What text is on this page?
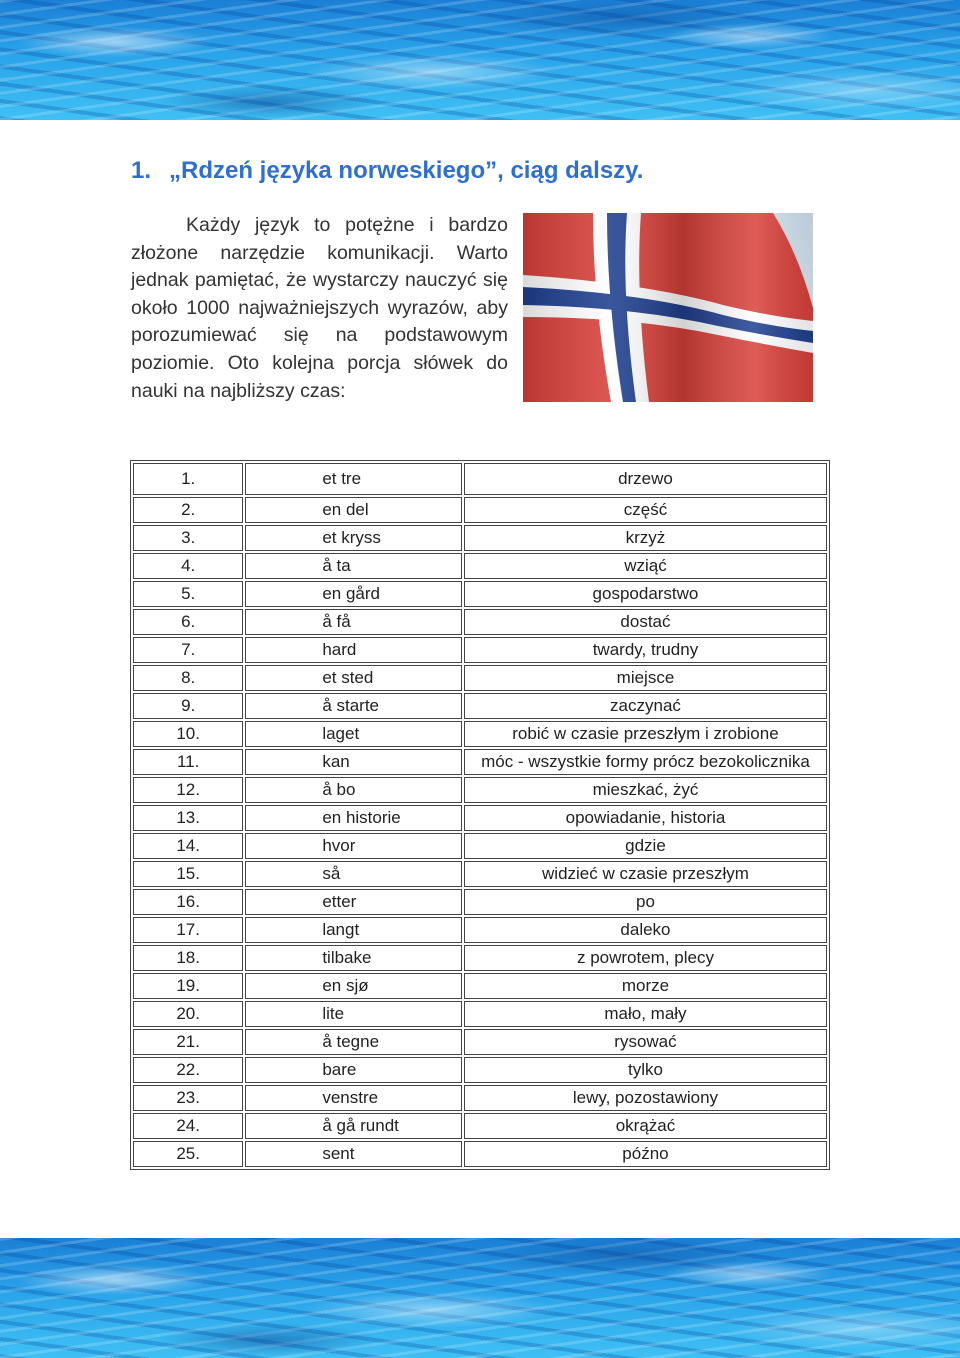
1. „Rdzeń języka norweskiego”, ciąg dalszy.

Każdy język to potężne i bardzo złożone narzędzie komunikacji. Warto jednak pamiętać, że wystarczy nauczyć się około 1000 najważniejszych wyrazów, aby porozumiewać się na podstawowym poziomie. Oto kolejna porcja słówek do nauki na najbliższy czas:

1.	et tre	drzewo
2.	en del	część
3.	et kryss	krzyż
4.	å ta	wziąć
5.	en gård	gospodarstwo
6.	å få	dostać
7.	hard	twardy, trudny
8.	et sted	miejsce
9.	å starte	zaczynać
10.	laget	robić w czasie przeszłym i zrobione
11.	kan	móc - wszystkie formy prócz bezokolicznika
12.	å bo	mieszkać, żyć
13.	en historie	opowiadanie, historia
14.	hvor	gdzie
15.	så	widzieć w czasie przeszłym
16.	etter	po
17.	langt	daleko
18.	tilbake	z powrotem, plecy
19.	en sjø	morze
20.	lite	mało, mały
21.	å tegne	rysować
22.	bare	tylko
23.	venstre	lewy, pozostawiony
24.	å gå rundt	okrążać
25.	sent	późno
